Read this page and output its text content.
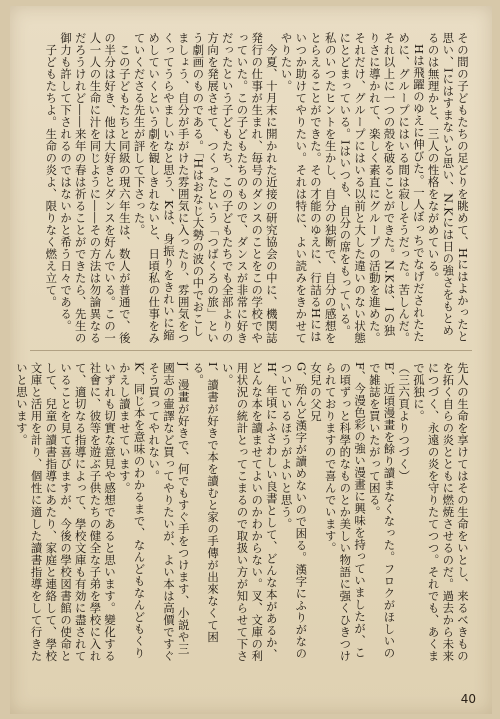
その間の子どもたちの足どりを眺めて、Hにはよかったと思い、Iにはすまないと思い、N.Kには日の強さをもとめるのは無理かと、三人の性格をながめている。
　Hは飛躍のゆえに伸びた。一人ぼっちでなげだされたために、グループにはいる間は寂しそうだった。苦しんだ。それ以上に一つの殻を破ることができた。N.Kは、Iの独りさに導かれて、楽しく素直にグループの活動を進めた。それだけ、グループにはいる以前と大した違いのない状態にとどまっている。Iはいつも、自分の席をもっている。私のいつたヒントを生かし、自分の独断で、自分の感想をとらえることができた。その才能のゆえに、行詰るHにはいつか助けてやりたい。それは特に、よい読みをきかせてやりたい。
　今夏、十月末に開かれた近接の研究協会の中に、機関誌発行の仕事が生まれ、毎号のダンスのことをこの学校でやっていた。この子どもたちのもので、ダンスが非常に好きだったという子どもたち、この子どもたちでも全部よりの方向を発展させて、つくったという「つばくろの旅」という劇画のものである。「Hはおなじ大勢の波の中でおこしましょう、自分が手がけた雰囲気に入ったり、雰囲気をつくってうらやましいなと思う、Kは、身振りをきれいに縮めしていくという劇を観しきれないと、日頃私の仕事をみていくださる先生が評して下さった。
　この子どもたちと同級の現六年生は、数人が普通で、後の半分は好き、他は大好きとダンスを好んでいる。この一人一人の生命に汁を同じように――その方法は勿論異なるだろうけれど――来年の春は祈ることができたら、先生の御力も許して下されるのではないかと希う日々である。
　子どもたちよ。生命の炎よ、限りなく燃え立て。
先人の生命を享けてはその生命をいとし、来るべきものを拓く自らの炎とともに燃焼させるのだ。過去から未来につづく、永遠の炎を守りたてつつ。それでも、あくまで孤独に。
（三六頁よりつづく）
E、近頃漫畫を餘り讀まなくなった。フロクがほしいので雑誌を買いたがって困る。
F、今漫色彩の強い漫畫に興味を持っていましたが、この頃ずっと科學的なものとか美しい物語に强くひきつけられておりますので喜んでいます。
女兒の父兄
G、殆んど漢字が讀めないので困る。漢字にふりがなのついているほうがよいと思う。
H、年頃にふさわしい良書として、どんな本があるか、どんな本を讀ませてよいのかわからない。叉、文庫の利用状況の統計とってこまるので取扱い方が知らせて下さい。
I、讀書が好きで本を讀むと家の手傳が出來なくて困る。
J、漫畫が好きで、何でもすぐ手をつけます、小説や三國志の壷譯など買ってやりたいが、よい本は高價ですぐそう買ってやれない。
K、同じ本を意味のわかるまで、なんどもなんどもくりかえし讀ませています。
いずれも切實な意見や感想であると思います。變化する社會に、彼等を遊ぶ子供たちの健全な子弟を學校に入れて、適切なる指導によって、學校文庫も有効に盡されていることを見て喜びますが、今後の學校図書館の使命として、兒童の讀書指導にあたり、家庭と連絡して、學校文庫と活用を計り、個性に適した讀書指導をして行きたいと思います。
40
